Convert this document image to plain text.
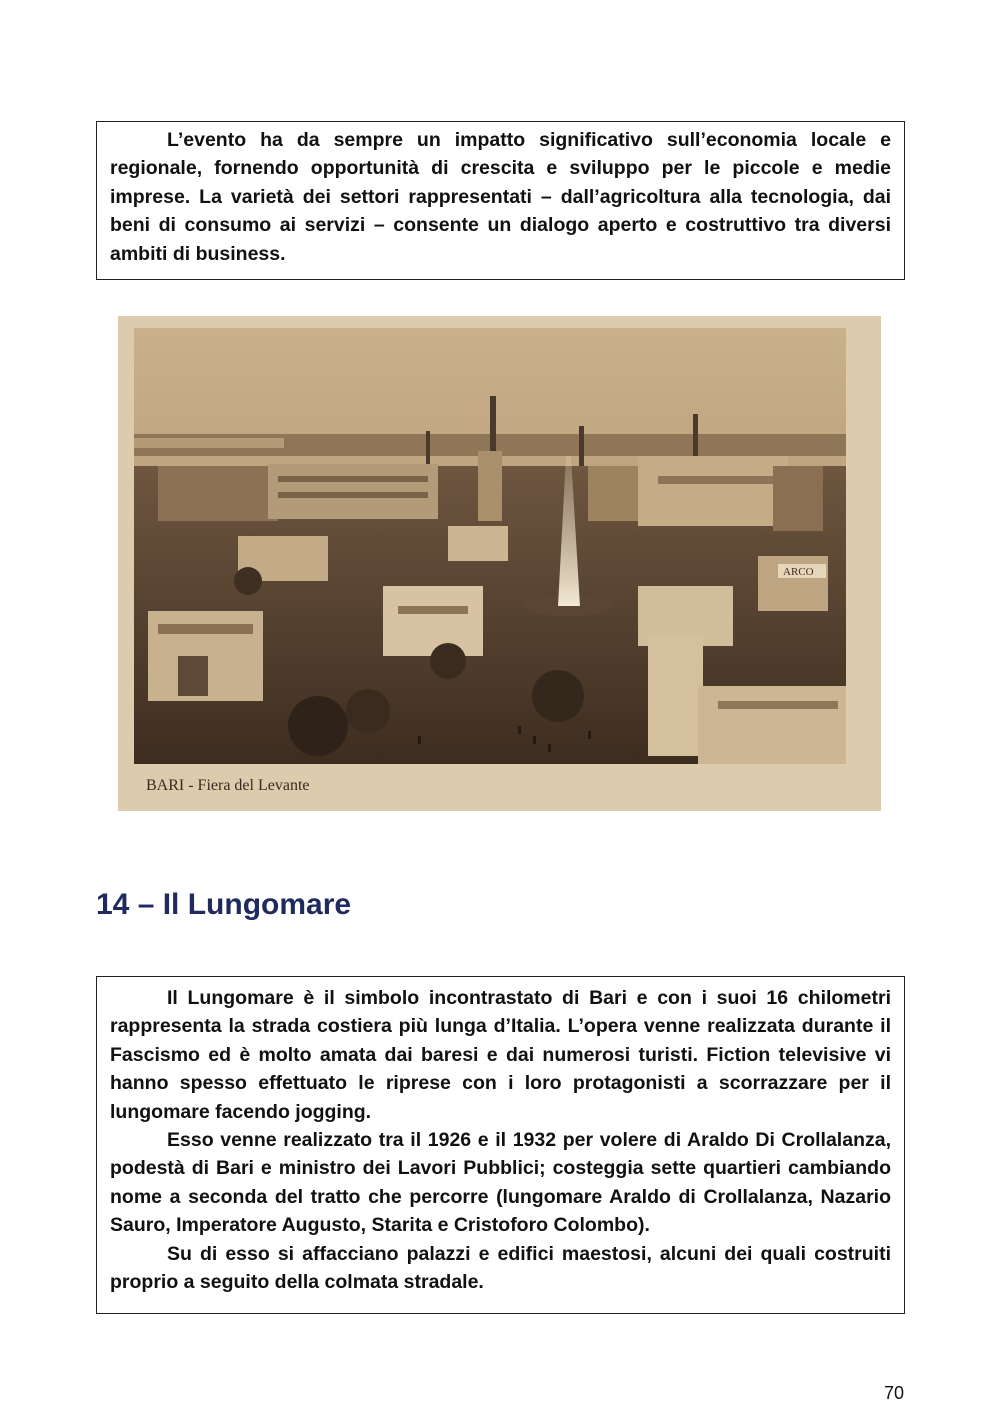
L’evento ha da sempre un impatto significativo sull’economia locale e regionale, fornendo opportunità di crescita e sviluppo per le piccole e medie imprese. La varietà dei settori rappresentati – dall’agricoltura alla tecnologia, dai beni di consumo ai servizi – consente un dialogo aperto e costruttivo tra diversi ambiti di business.

ARCO
BARI - Fiera del Levante
14 – Il Lungomare

Il Lungomare è il simbolo incontrastato di Bari e con i suoi 16 chilometri rappresenta la strada costiera più lunga d’Italia. L’opera venne realizzata durante il Fascismo ed è molto amata dai baresi e dai numerosi turisti. Fiction televisive vi hanno spesso effettuato le riprese con i loro protagonisti a scorrazzare per il lungomare facendo jogging.

Esso venne realizzato tra il 1926 e il 1932 per volere di Araldo Di Crollalanza, podestà di Bari e ministro dei Lavori Pubblici; costeggia sette quartieri cambiando nome a seconda del tratto che percorre (lungomare Araldo di Crollalanza, Nazario Sauro, Imperatore Augusto, Starita e Cristoforo Colombo).

Su di esso si affacciano palazzi e edifici maestosi, alcuni dei quali costruiti proprio a seguito della colmata stradale.

70
